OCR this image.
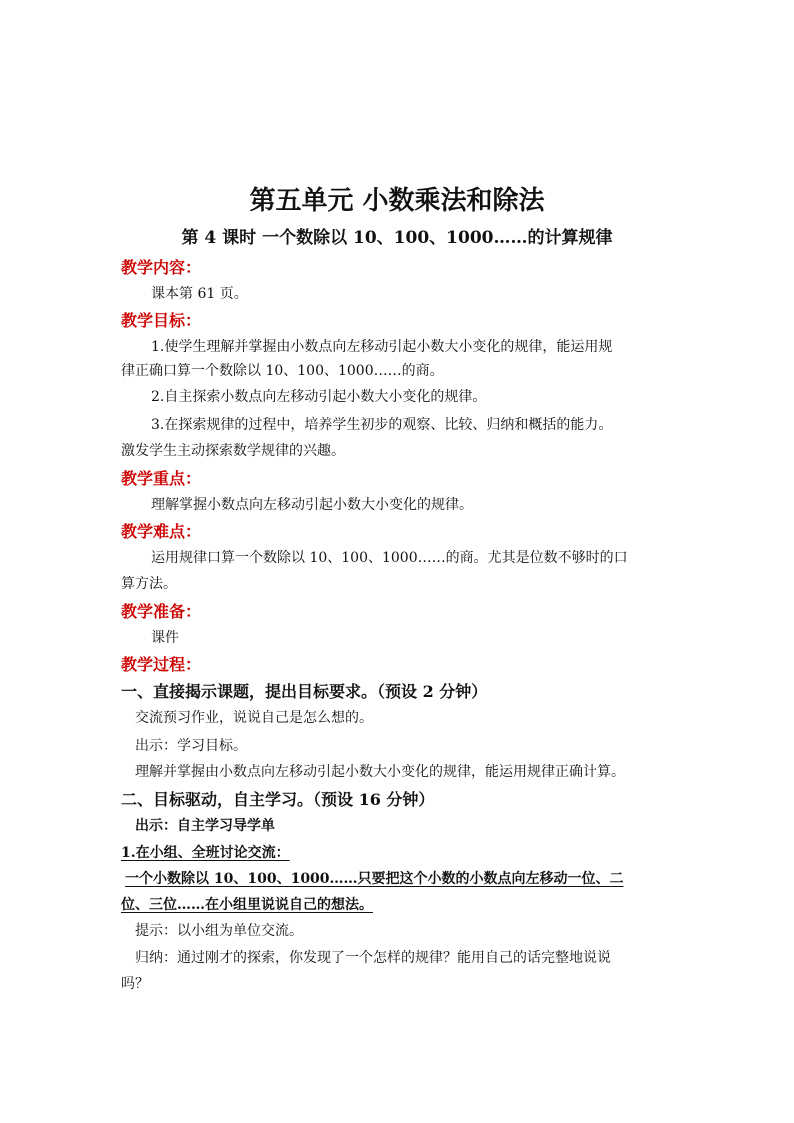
第五单元 小数乘法和除法
第 4 课时 一个数除以 10、100、1000……的计算规律
教学内容：
课本第 61 页。
教学目标：
1.使学生理解并掌握由小数点向左移动引起小数大小变化的规律，能运用规
律正确口算一个数除以 10、100、1000……的商。
2.自主探索小数点向左移动引起小数大小变化的规律。
3.在探索规律的过程中，培养学生初步的观察、比较、归纳和概括的能力。
激发学生主动探索数学规律的兴趣。
教学重点：
理解掌握小数点向左移动引起小数大小变化的规律。
教学难点：
运用规律口算一个数除以 10、100、1000……的商。尤其是位数不够时的口
算方法。
教学准备：
课件
教学过程：
一、直接揭示课题，提出目标要求。（预设 2 分钟）
交流预习作业，说说自己是怎么想的。
出示：学习目标。
理解并掌握由小数点向左移动引起小数大小变化的规律，能运用规律正确计算。
二、目标驱动，自主学习。（预设 16 分钟）
出示：自主学习导学单
1.在小组、全班讨论交流：
一个小数除以 10、100、1000……只要把这个小数的小数点向左移动一位、二
位、三位……在小组里说说自己的想法。
提示：以小组为单位交流。
归纳：通过刚才的探索，你发现了一个怎样的规律？能用自己的话完整地说说
吗？
